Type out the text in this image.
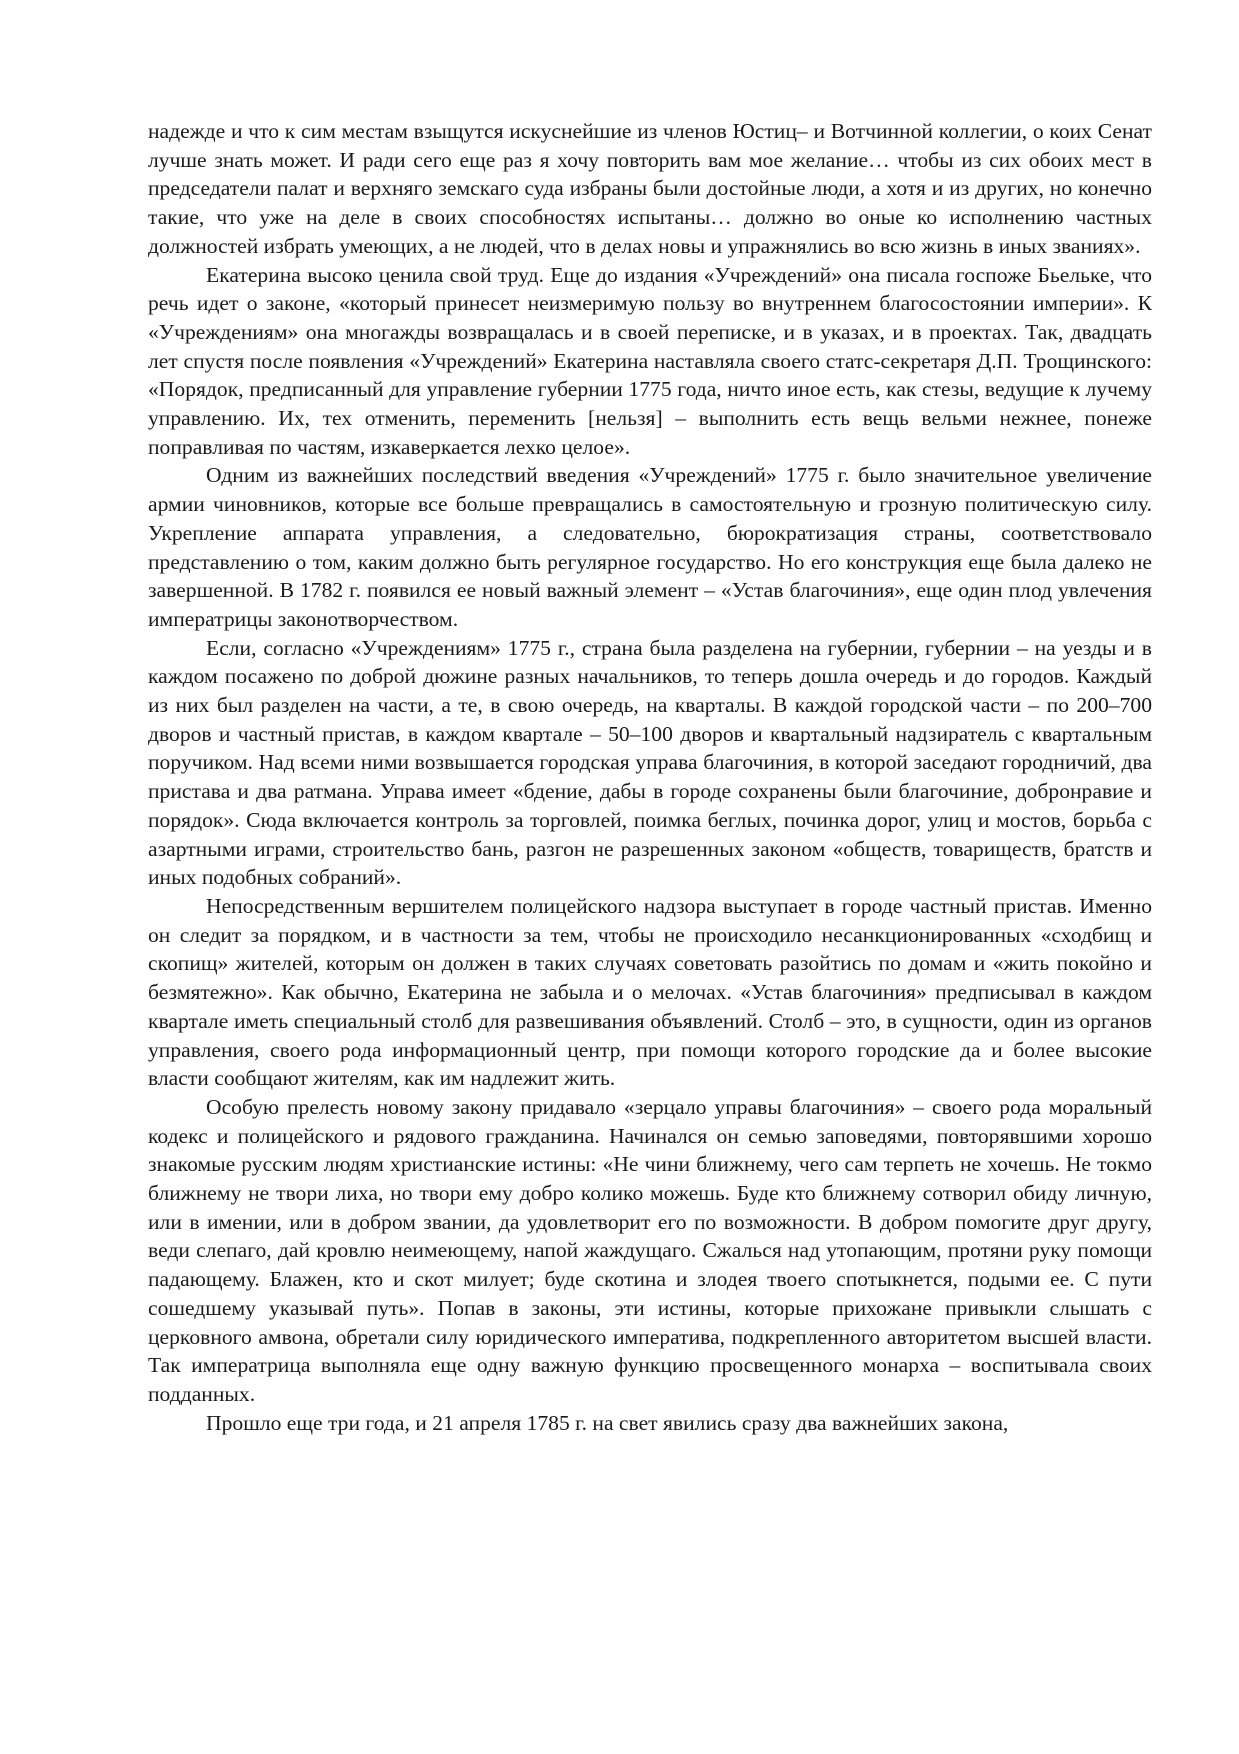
надежде и что к сим местам взыщутся искуснейшие из членов Юстиц– и Вотчинной коллегии, о коих Сенат лучше знать может. И ради сего еще раз я хочу повторить вам мое желание… чтобы из сих обоих мест в председатели палат и верхняго земскаго суда избраны были достойные люди, а хотя и из других, но конечно такие, что уже на деле в своих способностях испытаны… должно во оные ко исполнению частных должностей избрать умеющих, а не людей, что в делах новы и упражнялись во всю жизнь в иных званиях».

Екатерина высоко ценила свой труд. Еще до издания «Учреждений» она писала госпоже Бьельке, что речь идет о законе, «который принесет неизмеримую пользу во внутреннем благосостоянии империи». К «Учреждениям» она многажды возвращалась и в своей переписке, и в указах, и в проектах. Так, двадцать лет спустя после появления «Учреждений» Екатерина наставляла своего статс-секретаря Д.П. Трощинского: «Порядок, предписанный для управление губернии 1775 года, ничто иное есть, как стезы, ведущие к лучему управлению. Их, тех отменить, переменить [нельзя] – выполнить есть вещь вельми нежнее, понеже поправливая по частям, изкаверкается лехко целое».

Одним из важнейших последствий введения «Учреждений» 1775 г. было значительное увеличение армии чиновников, которые все больше превращались в самостоятельную и грозную политическую силу. Укрепление аппарата управления, а следовательно, бюрократизация страны, соответствовало представлению о том, каким должно быть регулярное государство. Но его конструкция еще была далеко не завершенной. В 1782 г. появился ее новый важный элемент – «Устав благочиния», еще один плод увлечения императрицы законотворчеством.

Если, согласно «Учреждениям» 1775 г., страна была разделена на губернии, губернии – на уезды и в каждом посажено по доброй дюжине разных начальников, то теперь дошла очередь и до городов. Каждый из них был разделен на части, а те, в свою очередь, на кварталы. В каждой городской части – по 200–700 дворов и частный пристав, в каждом квартале – 50–100 дворов и квартальный надзиратель с квартальным поручиком. Над всеми ними возвышается городская управа благочиния, в которой заседают городничий, два пристава и два ратмана. Управа имеет «бдение, дабы в городе сохранены были благочиние, добронравие и порядок». Сюда включается контроль за торговлей, поимка беглых, починка дорог, улиц и мостов, борьба с азартными играми, строительство бань, разгон не разрешенных законом «обществ, товариществ, братств и иных подобных собраний».

Непосредственным вершителем полицейского надзора выступает в городе частный пристав. Именно он следит за порядком, и в частности за тем, чтобы не происходило несанкционированных «сходбищ и скопищ» жителей, которым он должен в таких случаях советовать разойтись по домам и «жить покойно и безмятежно». Как обычно, Екатерина не забыла и о мелочах. «Устав благочиния» предписывал в каждом квартале иметь специальный столб для развешивания объявлений. Столб – это, в сущности, один из органов управления, своего рода информационный центр, при помощи которого городские да и более высокие власти сообщают жителям, как им надлежит жить.

Особую прелесть новому закону придавало «зерцало управы благочиния» – своего рода моральный кодекс и полицейского и рядового гражданина. Начинался он семью заповедями, повторявшими хорошо знакомые русским людям христианские истины: «Не чини ближнему, чего сам терпеть не хочешь. Не токмо ближнему не твори лиха, но твори ему добро колико можешь. Буде кто ближнему сотворил обиду личную, или в имении, или в добром звании, да удовлетворит его по возможности. В добром помогите друг другу, веди слепаго, дай кровлю неимеющему, напой жаждущаго. Сжалься над утопающим, протяни руку помощи падающему. Блажен, кто и скот милует; буде скотина и злодея твоего спотыкнется, подыми ее. С пути сошедшему указывай путь». Попав в законы, эти истины, которые прихожане привыкли слышать с церковного амвона, обретали силу юридического императива, подкрепленного авторитетом высшей власти. Так императрица выполняла еще одну важную функцию просвещенного монарха – воспитывала своих подданных.

Прошло еще три года, и 21 апреля 1785 г. на свет явились сразу два важнейших закона,
